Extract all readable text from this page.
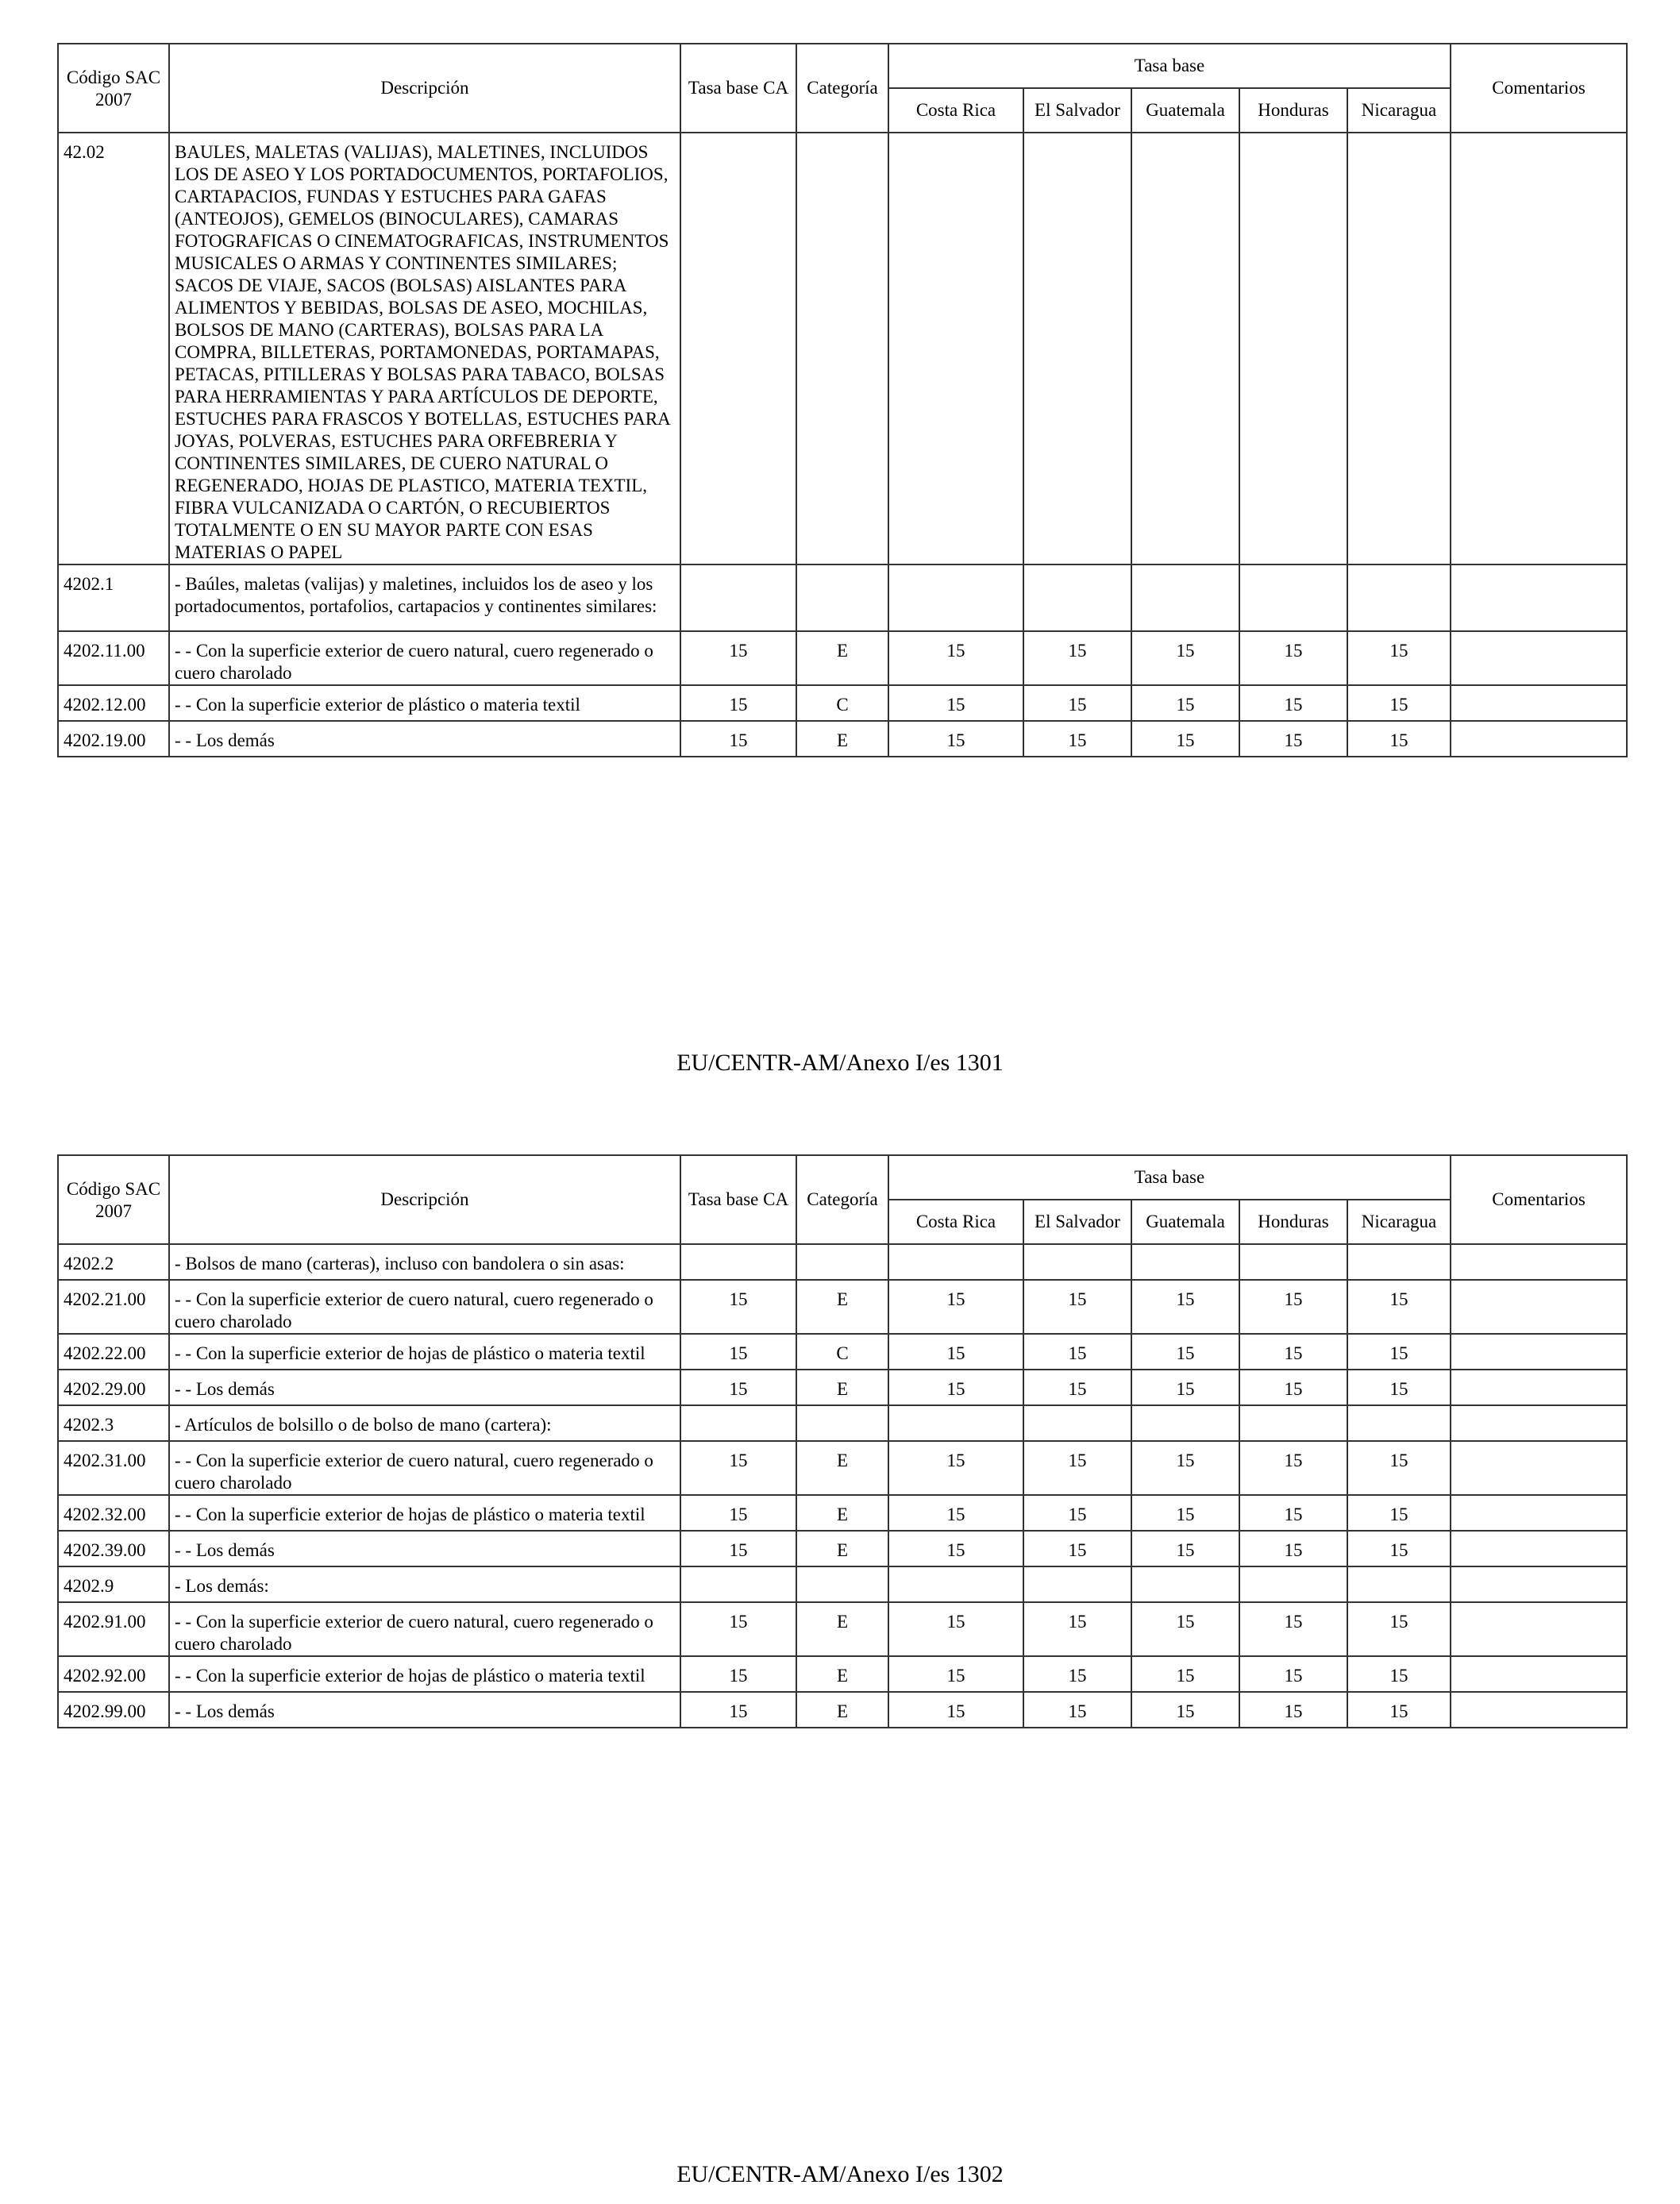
Código SAC 2007	Descripción	Tasa base CA	Categoría	Tasa base					Comentarios
				Costa Rica	El Salvador	Guatemala	Honduras	Nicaragua	
42.02	BAULES, MALETAS (VALIJAS), MALETINES, INCLUIDOS LOS DE ASEO Y LOS PORTADOCUMENTOS, PORTAFOLIOS, CARTAPACIOS, FUNDAS Y ESTUCHES PARA GAFAS (ANTEOJOS), GEMELOS (BINOCULARES), CAMARAS FOTOGRAFICAS O CINEMATOGRAFICAS, INSTRUMENTOS MUSICALES O ARMAS Y CONTINENTES SIMILARES; SACOS DE VIAJE, SACOS (BOLSAS) AISLANTES PARA ALIMENTOS Y BEBIDAS, BOLSAS DE ASEO, MOCHILAS, BOLSOS DE MANO (CARTERAS), BOLSAS PARA LA COMPRA, BILLETERAS, PORTAMONEDAS, PORTAMAPAS, PETACAS, PITILLERAS Y BOLSAS PARA TABACO, BOLSAS PARA HERRAMIENTAS Y PARA ARTÍCULOS DE DEPORTE, ESTUCHES PARA FRASCOS Y BOTELLAS, ESTUCHES PARA JOYAS, POLVERAS, ESTUCHES PARA ORFEBRERIA Y CONTINENTES SIMILARES, DE CUERO NATURAL O REGENERADO, HOJAS DE PLASTICO, MATERIA TEXTIL, FIBRA VULCANIZADA O CARTÓN, O RECUBIERTOS TOTALMENTE O EN SU MAYOR PARTE CON ESAS MATERIAS O PAPEL								
4202.1	- Baúles, maletas (valijas) y maletines, incluidos los de aseo y los portadocumentos, portafolios, cartapacios y continentes similares:								
4202.11.00	- - Con la superficie exterior de cuero natural, cuero regenerado o cuero charolado	15	E	15	15	15	15	15	
4202.12.00	- - Con la superficie exterior de plástico o materia textil	15	C	15	15	15	15	15	
4202.19.00	- - Los demás	15	E	15	15	15	15	15	
EU/CENTR-AM/Anexo I/es 1301
Código SAC 2007	Descripción	Tasa base CA	Categoría	Tasa base					Comentarios
				Costa Rica	El Salvador	Guatemala	Honduras	Nicaragua	
4202.2	- Bolsos de mano (carteras), incluso con bandolera o sin asas:								
4202.21.00	- - Con la superficie exterior de cuero natural, cuero regenerado o cuero charolado	15	E	15	15	15	15	15	
4202.22.00	- - Con la superficie exterior de hojas de plástico o materia textil	15	C	15	15	15	15	15	
4202.29.00	- - Los demás	15	E	15	15	15	15	15	
4202.3	- Artículos de bolsillo o de bolso de mano (cartera):								
4202.31.00	- - Con la superficie exterior de cuero natural, cuero regenerado o cuero charolado	15	E	15	15	15	15	15	
4202.32.00	- - Con la superficie exterior de hojas de plástico o materia textil	15	E	15	15	15	15	15	
4202.39.00	- - Los demás	15	E	15	15	15	15	15	
4202.9	- Los demás:								
4202.91.00	- - Con la superficie exterior de cuero natural, cuero regenerado o cuero charolado	15	E	15	15	15	15	15	
4202.92.00	- - Con la superficie exterior de hojas de plástico o materia textil	15	E	15	15	15	15	15	
4202.99.00	- - Los demás	15	E	15	15	15	15	15	
EU/CENTR-AM/Anexo I/es 1302
